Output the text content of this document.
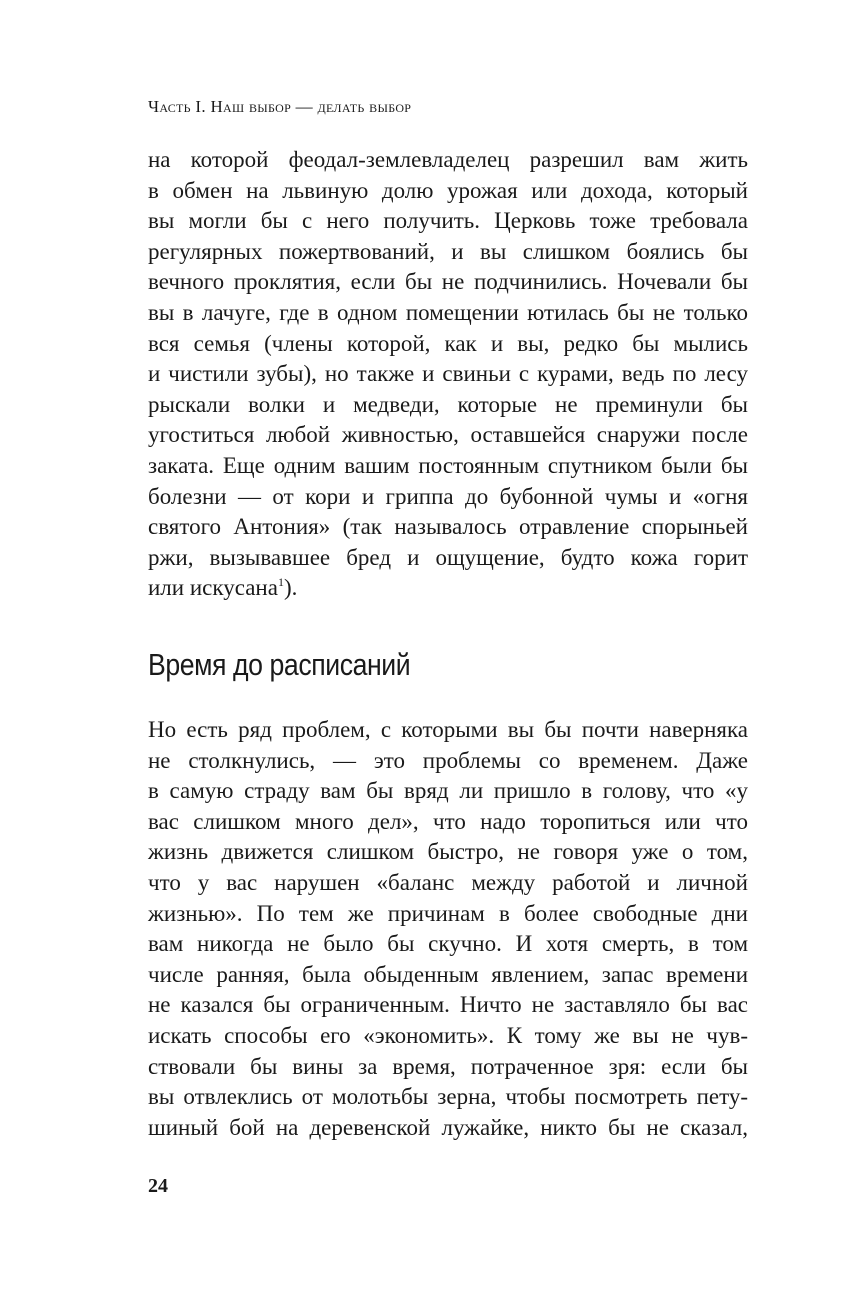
Часть I. Наш выбор — делать выбор
на которой феодал-землевладелец разрешил вам жить
в обмен на львиную долю урожая или дохода, который
вы могли бы с него получить. Церковь тоже требовала
регулярных пожертвований, и вы слишком боялись бы
вечного проклятия, если бы не подчинились. Ночевали бы
вы в лачуге, где в одном помещении ютилась бы не только
вся семья (члены которой, как и вы, редко бы мылись
и чистили зубы), но также и свиньи с курами, ведь по лесу
рыскали волки и медведи, которые не преминули бы
угоститься любой живностью, оставшейся снаружи после
заката. Еще одним вашим постоянным спутником были бы
болезни — от кори и гриппа до бубонной чумы и «огня
святого Антония» (так называлось отравление спорыньей
ржи, вызывавшее бред и ощущение, будто кожа горит
или искусана$^1$).
Время до расписаний
Но есть ряд проблем, с которыми вы бы почти наверняка
не столкнулись, — это проблемы со временем. Даже
в самую страду вам бы вряд ли пришло в голову, что «у
вас слишком много дел», что надо торопиться или что
жизнь движется слишком быстро, не говоря уже о том,
что у вас нарушен «баланс между работой и личной
жизнью». По тем же причинам в более свободные дни
вам никогда не было бы скучно. И хотя смерть, в том
числе ранняя, была обыденным явлением, запас времени
не казался бы ограниченным. Ничто не заставляло бы вас
искать способы его «экономить». К тому же вы не чув-
ствовали бы вины за время, потраченное зря: если бы
вы отвлеклись от молотьбы зерна, чтобы посмотреть пету-
шиный бой на деревенской лужайке, никто бы не сказал,
24
